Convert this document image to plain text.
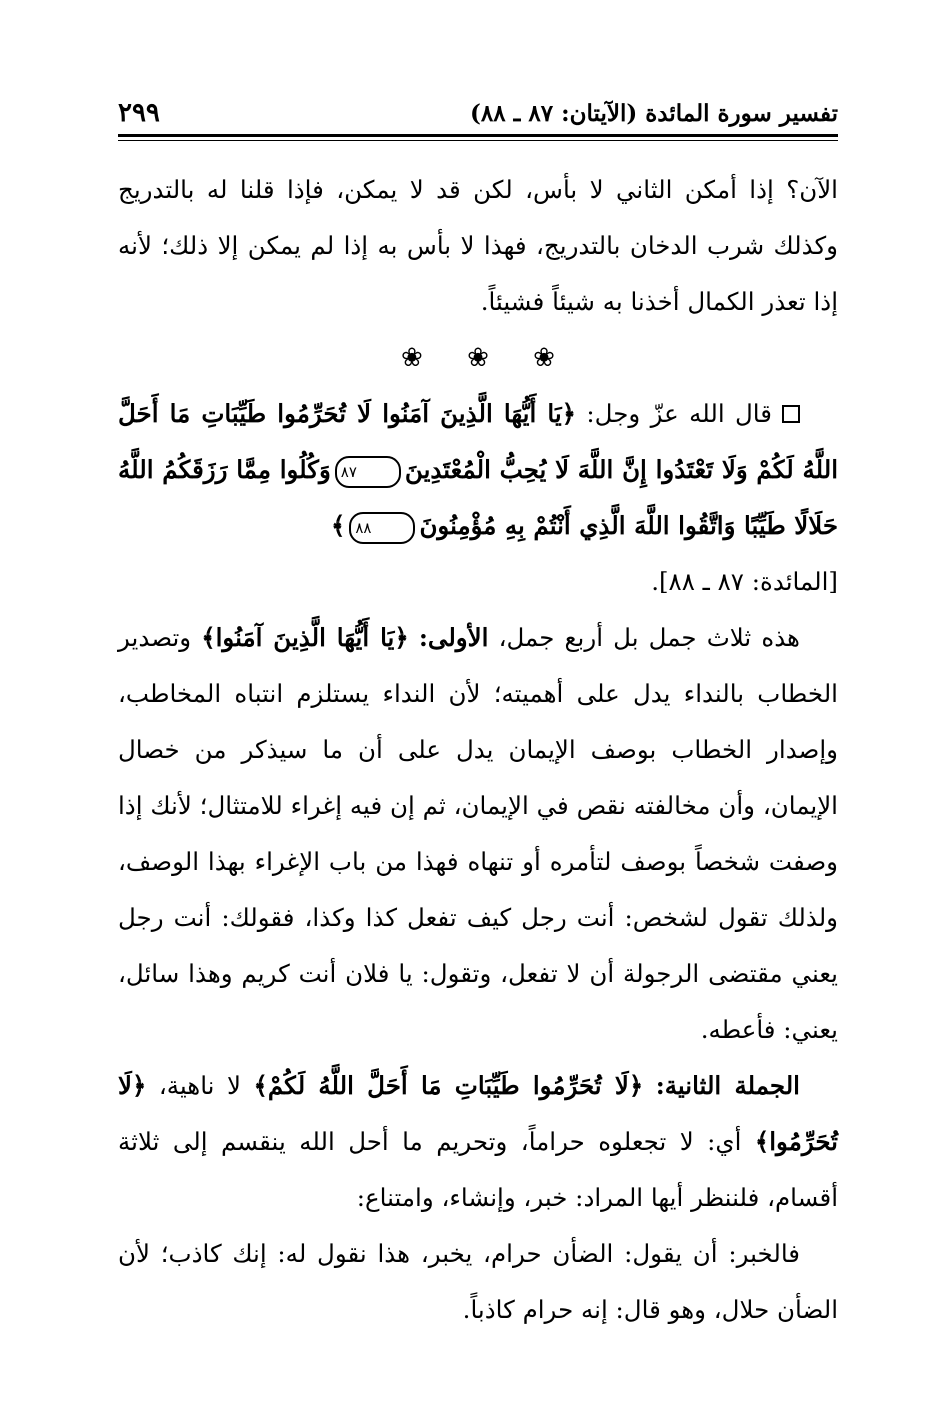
تفسير سورة المائدة (الآيتان: ٨٧ ـ ٨٨)
٢٩٩

الآن؟ إذا أمكن الثاني لا بأس، لكن قد لا يمكن، فإذا قلنا له بالتدريج وكذلك شرب الدخان بالتدريج، فهذا لا بأس به إذا لم يمكن إلا ذلك؛ لأنه إذا تعذر الكمال أخذنا به شيئاً فشيئاً.

❀ ❀ ❀

قال الله عزّ وجل: ﴿يَا أَيُّهَا الَّذِينَ آمَنُوا لَا تُحَرِّمُوا طَيِّبَاتِ مَا أَحَلَّ اللَّهُ لَكُمْ وَلَا تَعْتَدُوا إِنَّ اللَّهَ لَا يُحِبُّ الْمُعْتَدِينَ٨٧وَكُلُوا مِمَّا رَزَقَكُمُ اللَّهُ حَلَالًا طَيِّبًا وَاتَّقُوا اللَّهَ الَّذِي أَنْتُمْ بِهِ مُؤْمِنُونَ٨٨﴾
[المائدة: ٨٧ ـ ٨٨].

هذه ثلاث جمل بل أربع جمل، الأولى: ﴿يَا أَيُّهَا الَّذِينَ آمَنُوا﴾ وتصدير الخطاب بالنداء يدل على أهميته؛ لأن النداء يستلزم انتباه المخاطب، وإصدار الخطاب بوصف الإيمان يدل على أن ما سيذكر من خصال الإيمان، وأن مخالفته نقص في الإيمان، ثم إن فيه إغراء للامتثال؛ لأنك إذا وصفت شخصاً بوصف لتأمره أو تنهاه فهذا من باب الإغراء بهذا الوصف، ولذلك تقول لشخص: أنت رجل كيف تفعل كذا وكذا، فقولك: أنت رجل يعني مقتضى الرجولة أن لا تفعل، وتقول: يا فلان أنت كريم وهذا سائل، يعني: فأعطه.

الجملة الثانية: ﴿لَا تُحَرِّمُوا طَيِّبَاتِ مَا أَحَلَّ اللَّهُ لَكُمْ﴾ لا ناهية، ﴿لَا تُحَرِّمُوا﴾ أي: لا تجعلوه حراماً، وتحريم ما أحل الله ينقسم إلى ثلاثة أقسام، فلننظر أيها المراد: خبر، وإنشاء، وامتناع:

فالخبر: أن يقول: الضأن حرام، يخبر، هذا نقول له: إنك كاذب؛ لأن الضأن حلال، وهو قال: إنه حرام كاذباً.
